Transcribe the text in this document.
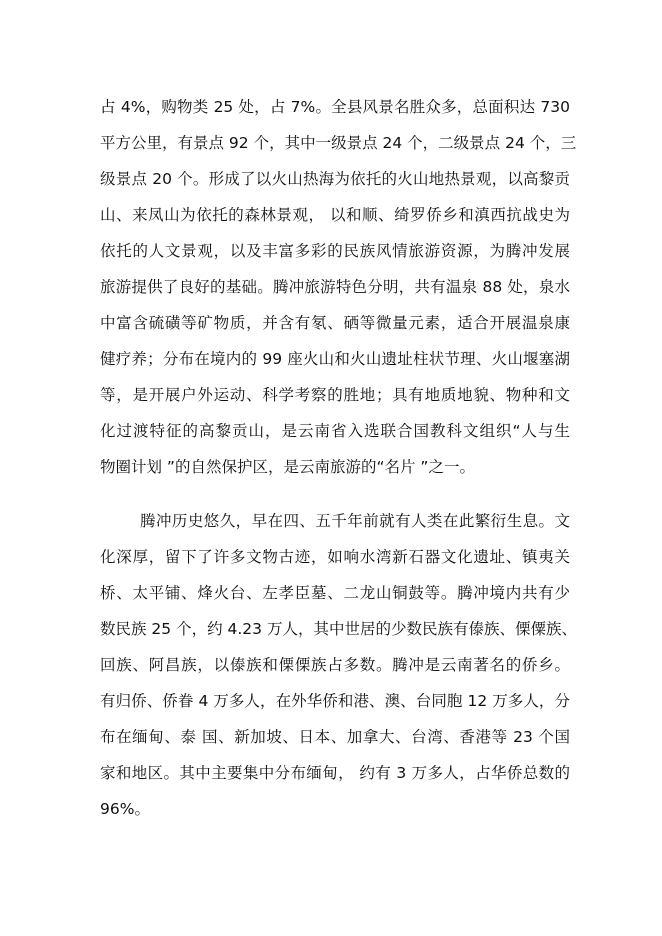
占 4%，购物类 25 处，占 7%。全县风景名胜众多，总面积达 730
平方公里，有景点 92 个，其中一级景点 24 个，二级景点 24 个，三
级景点 20 个。形成了以火山热海为依托的火山地热景观，以高黎贡
山、来凤山为依托的森林景观， 以和顺、绮罗侨乡和滇西抗战史为
依托的人文景观，以及丰富多彩的民族风情旅游资源，为腾冲发展
旅游提供了良好的基础。腾冲旅游特色分明，共有温泉 88 处，泉水
中富含硫磺等矿物质，并含有氡、硒等微量元素，适合开展温泉康
健疗养；分布在境内的 99 座火山和火山遗址柱状节理、火山堰塞湖
等，是开展户外运动、科学考察的胜地；具有地质地貌、物种和文
化过渡特征的高黎贡山，是云南省入选联合国教科文组织“人与生
物圈计划 ”的自然保护区，是云南旅游的“名片 ”之一。
腾冲历史悠久，早在四、五千年前就有人类在此繁衍生息。文
化深厚，留下了许多文物古迹，如响水湾新石器文化遗址、镇夷关
桥、太平铺、烽火台、左孝臣墓、二龙山铜鼓等。腾冲境内共有少
数民族 25 个，约 4.23 万人，其中世居的少数民族有傣族、傈僳族、
回族、阿昌族，以傣族和傈傈族占多数。腾冲是云南著名的侨乡。
有归侨、侨眷 4 万多人，在外华侨和港、澳、台同胞 12 万多人，分
布在缅甸、泰 国、新加坡、日本、加拿大、台湾、香港等 23 个国
家和地区。其中主要集中分布缅甸， 约有 3 万多人，占华侨总数的
96%。
